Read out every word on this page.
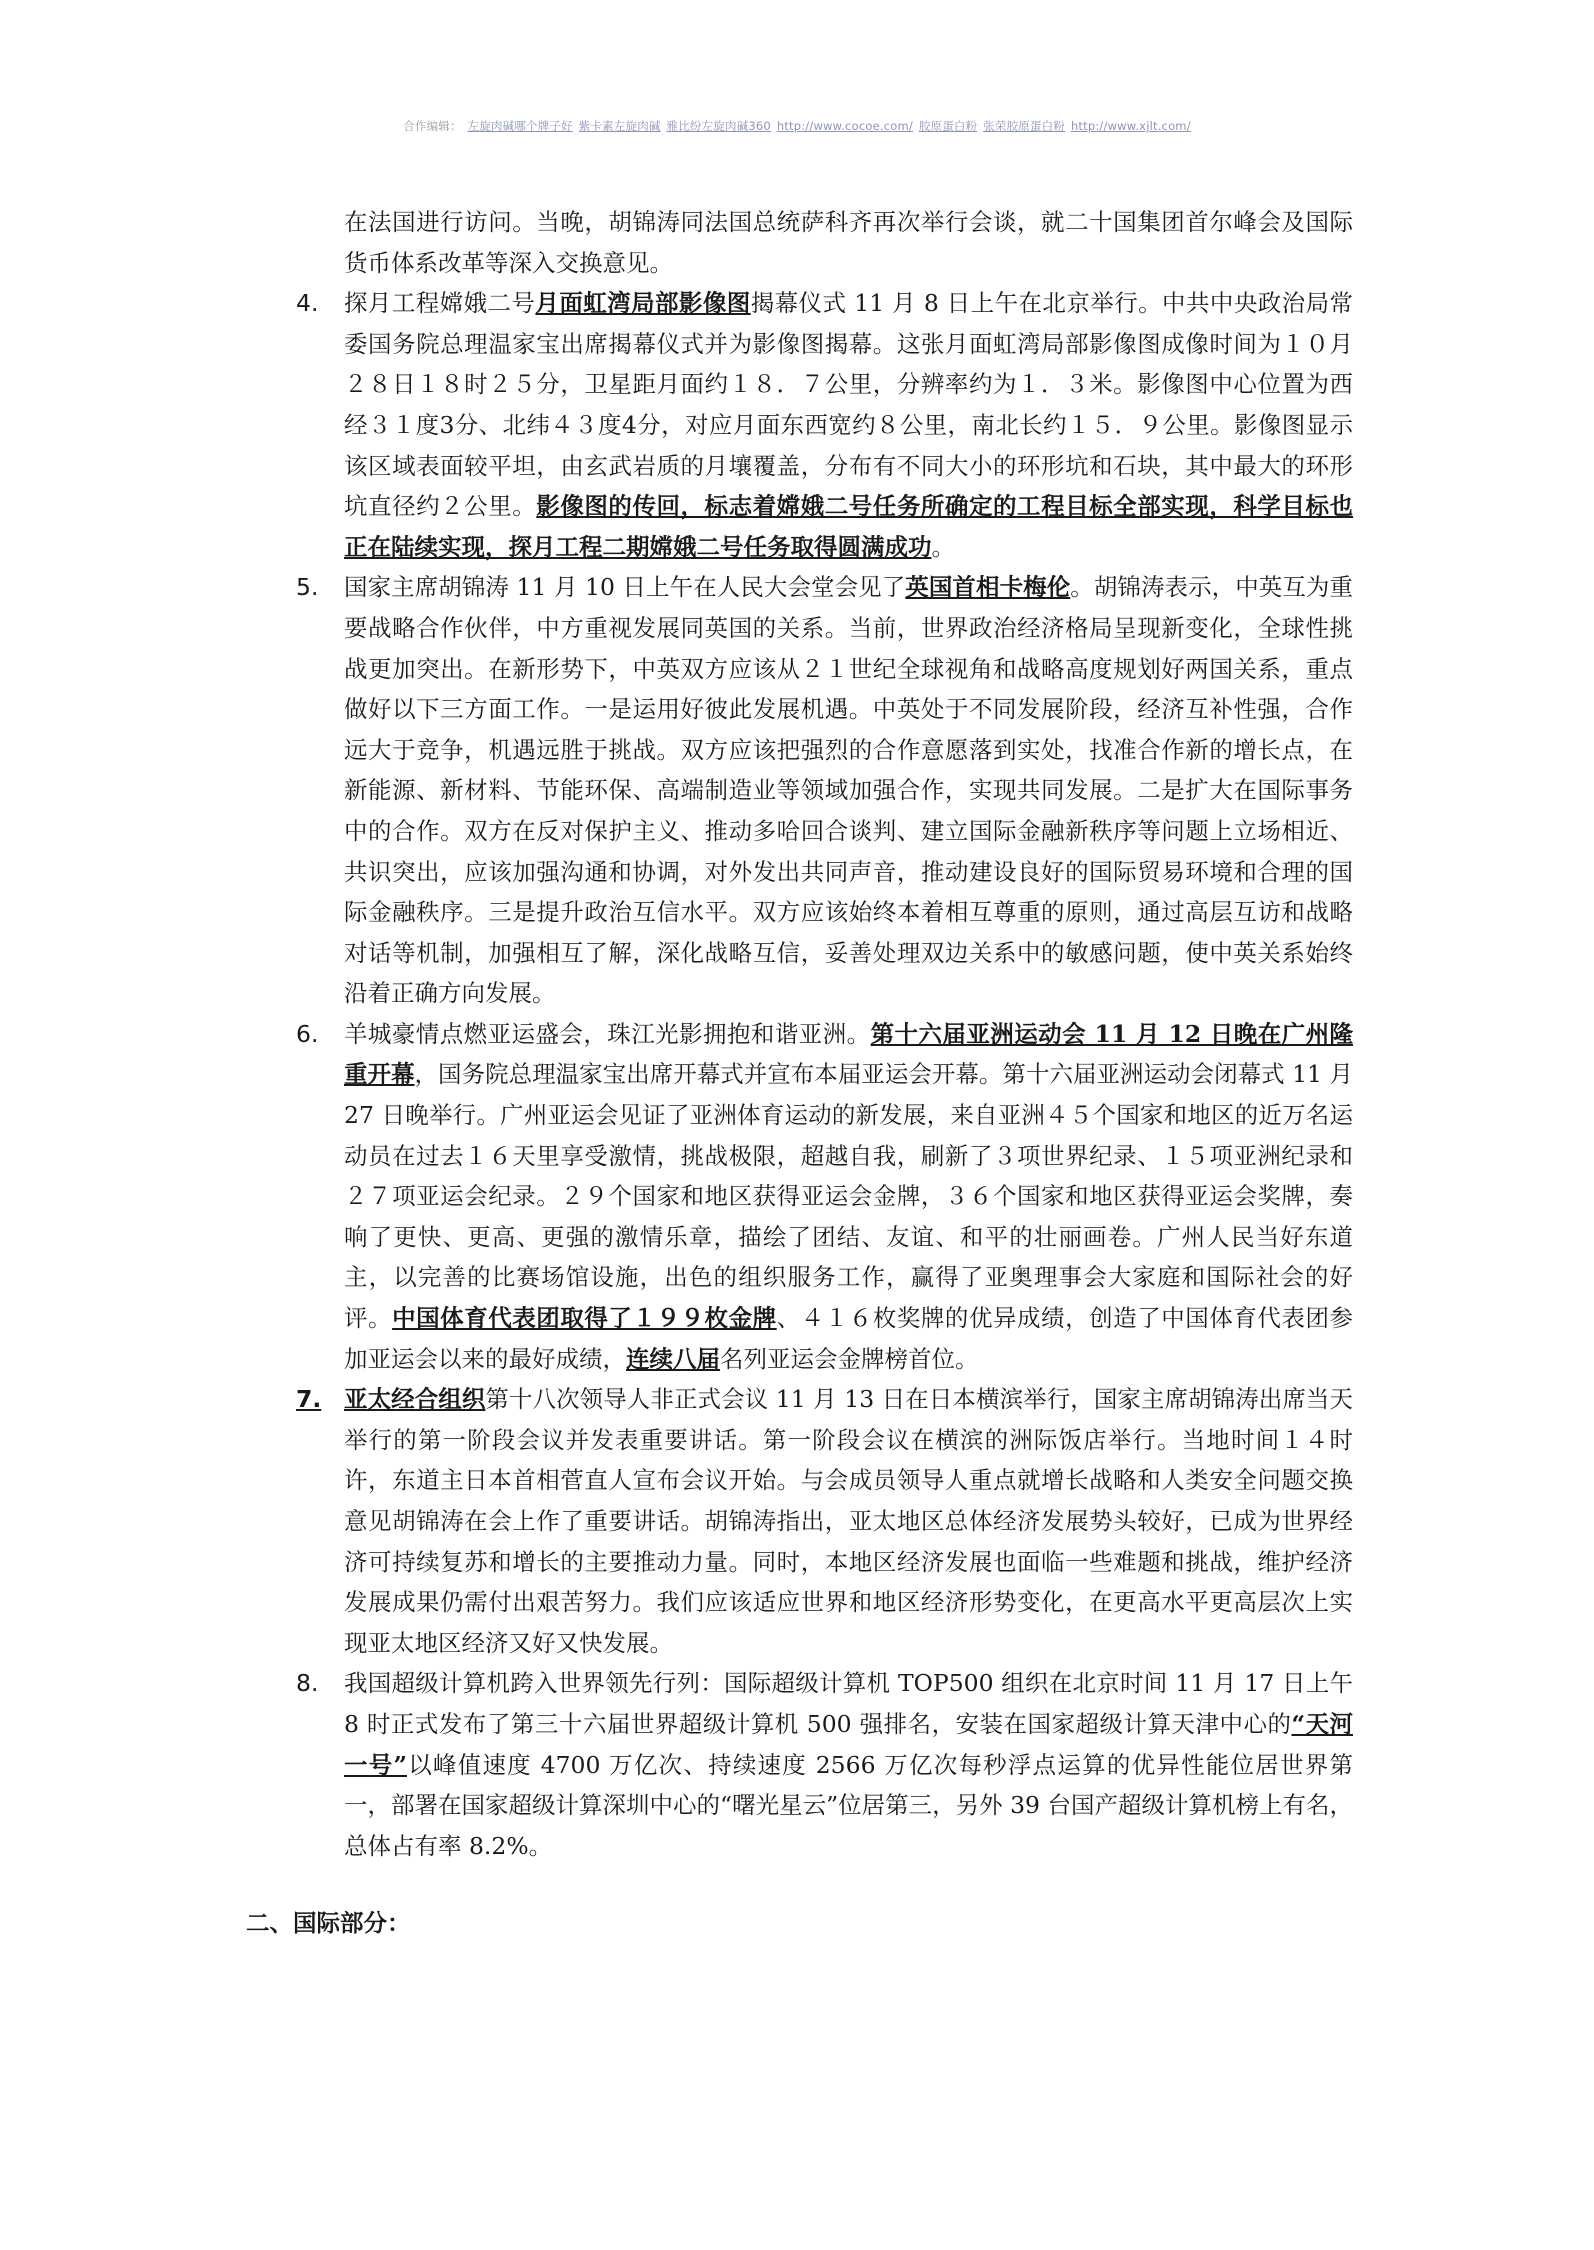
合作编辑： 左旋肉碱哪个牌子好 紫卡素左旋肉碱 雅比纷左旋肉碱360 http://www.cocoe.com/ 胶原蛋白粉 张荣胶原蛋白粉 http://www.xjlt.com/

在法国进行访问。当晚，胡锦涛同法国总统萨科齐再次举行会谈，就二十国集团首尔峰会及国际货币体系改革等深入交换意见。

4. 探月工程嫦娥二号月面虹湾局部影像图揭幕仪式 11 月 8 日上午在北京举行。中共中央政治局常委国务院总理温家宝出席揭幕仪式并为影像图揭幕。这张月面虹湾局部影像图成像时间为１０月２８日１８时２５分，卫星距月面约１８．７公里，分辨率约为１．３米。影像图中心位置为西经３１度3分、北纬４３度4分，对应月面东西宽约８公里，南北长约１５．９公里。影像图显示该区域表面较平坦，由玄武岩质的月壤覆盖，分布有不同大小的环形坑和石块，其中最大的环形坑直径约２公里。影像图的传回，标志着嫦娥二号任务所确定的工程目标全部实现，科学目标也正在陆续实现，探月工程二期嫦娥二号任务取得圆满成功。

5. 国家主席胡锦涛 11 月 10 日上午在人民大会堂会见了英国首相卡梅伦。胡锦涛表示，中英互为重要战略合作伙伴，中方重视发展同英国的关系。当前，世界政治经济格局呈现新变化，全球性挑战更加突出。在新形势下，中英双方应该从２１世纪全球视角和战略高度规划好两国关系，重点做好以下三方面工作。一是运用好彼此发展机遇。中英处于不同发展阶段，经济互补性强，合作远大于竞争，机遇远胜于挑战。双方应该把强烈的合作意愿落到实处，找准合作新的增长点，在新能源、新材料、节能环保、高端制造业等领域加强合作，实现共同发展。二是扩大在国际事务中的合作。双方在反对保护主义、推动多哈回合谈判、建立国际金融新秩序等问题上立场相近、共识突出，应该加强沟通和协调，对外发出共同声音，推动建设良好的国际贸易环境和合理的国际金融秩序。三是提升政治互信水平。双方应该始终本着相互尊重的原则，通过高层互访和战略对话等机制，加强相互了解，深化战略互信，妥善处理双边关系中的敏感问题，使中英关系始终沿着正确方向发展。

6. 羊城豪情点燃亚运盛会，珠江光影拥抱和谐亚洲。第十六届亚洲运动会 11 月 12 日晚在广州隆重开幕，国务院总理温家宝出席开幕式并宣布本届亚运会开幕。第十六届亚洲运动会闭幕式 11 月 27 日晚举行。广州亚运会见证了亚洲体育运动的新发展，来自亚洲４５个国家和地区的近万名运动员在过去１６天里享受激情，挑战极限，超越自我，刷新了３项世界纪录、１５项亚洲纪录和２７项亚运会纪录。２９个国家和地区获得亚运会金牌，３６个国家和地区获得亚运会奖牌，奏响了更快、更高、更强的激情乐章，描绘了团结、友谊、和平的壮丽画卷。广州人民当好东道主，以完善的比赛场馆设施，出色的组织服务工作，赢得了亚奥理事会大家庭和国际社会的好评。中国体育代表团取得了１９９枚金牌、４１６枚奖牌的优异成绩，创造了中国体育代表团参加亚运会以来的最好成绩，连续八届名列亚运会金牌榜首位。

7. 亚太经合组织第十八次领导人非正式会议 11 月 13 日在日本横滨举行，国家主席胡锦涛出席当天举行的第一阶段会议并发表重要讲话。第一阶段会议在横滨的洲际饭店举行。当地时间１４时许，东道主日本首相菅直人宣布会议开始。与会成员领导人重点就增长战略和人类安全问题交换意见胡锦涛在会上作了重要讲话。胡锦涛指出，亚太地区总体经济发展势头较好，已成为世界经济可持续复苏和增长的主要推动力量。同时，本地区经济发展也面临一些难题和挑战，维护经济发展成果仍需付出艰苦努力。我们应该适应世界和地区经济形势变化，在更高水平更高层次上实现亚太地区经济又好又快发展。

8. 我国超级计算机跨入世界领先行列：国际超级计算机 TOP500 组织在北京时间 11 月 17 日上午 8 时正式发布了第三十六届世界超级计算机 500 强排名，安装在国家超级计算天津中心的“天河一号”以峰值速度 4700 万亿次、持续速度 2566 万亿次每秒浮点运算的优异性能位居世界第一，部署在国家超级计算深圳中心的“曙光星云”位居第三，另外 39 台国产超级计算机榜上有名，总体占有率 8.2%。

二、国际部分：
